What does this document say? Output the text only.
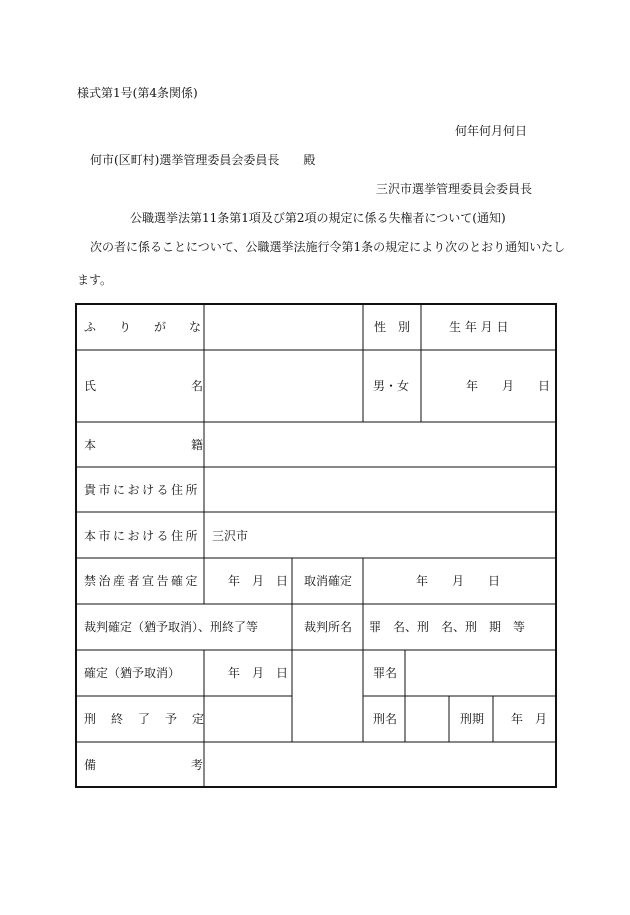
様式第1号(第4条関係)
何年何月何日
何市(区町村)選挙管理委員会委員長　　殿
三沢市選挙管理委員会委員長
公職選挙法第11条第1項及び第2項の規定に係る失権者について(通知)
次の者に係ることについて、公職選挙法施行令第1条の規定により次のとおり通知いたし
ます。
ふりがな	性　別	生 年 月 日
氏名	男・女	年　　月　　日
本籍
貴市における住所
本市における住所 三沢市
禁治産者宣告確定 年　月　日 取消確定	年　　月　　日
裁判確定（猶予取消）、刑終了等	裁判所名 罪　名、刑　名、刑　期　等
確定（猶予取消）	年　月　日	罪名
刑終了予定	刑名	刑期 年　月
備考
